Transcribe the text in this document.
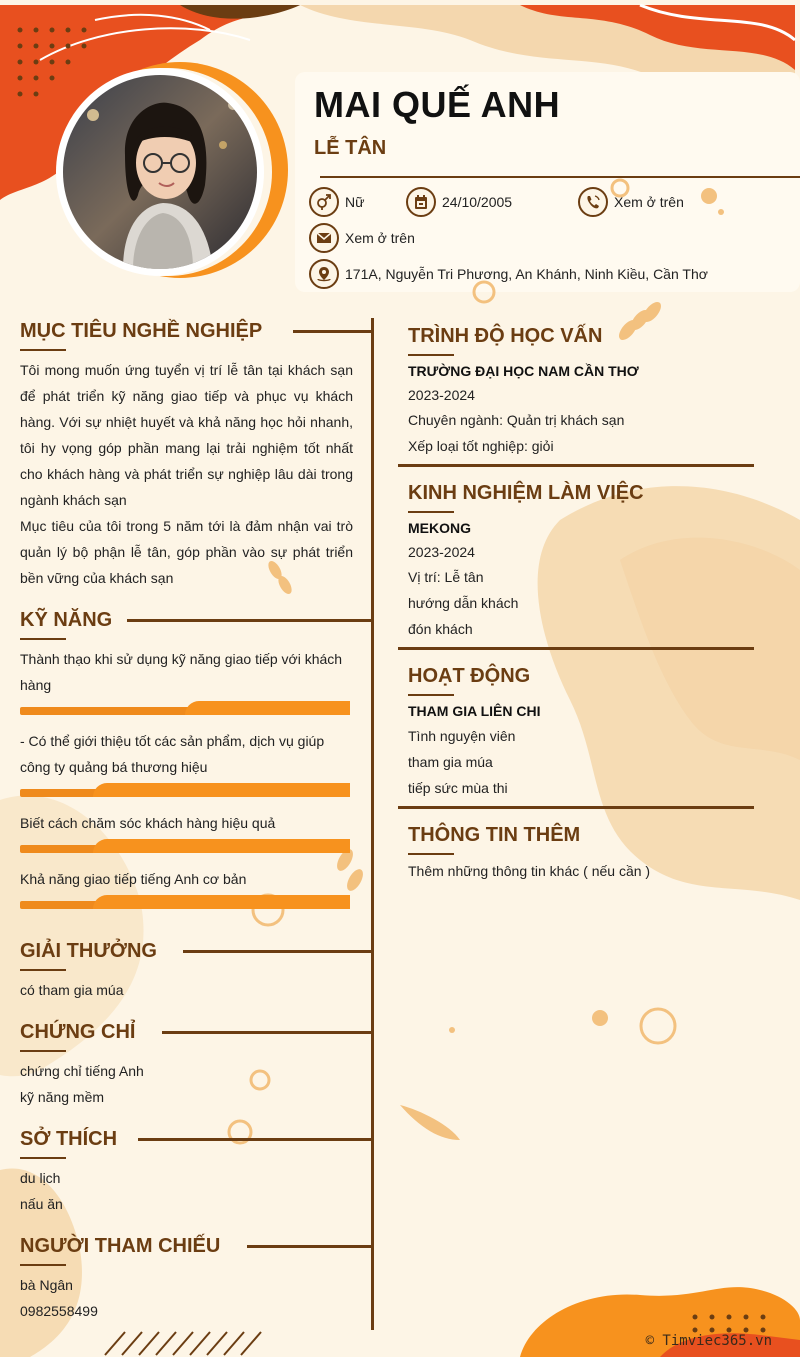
MAI QUẾ ANH
LỄ TÂN
Nữ	24/10/2005	Xem ở trên
Xem ở trên
171A, Nguyễn Tri Phương, An Khánh, Ninh Kiều, Cần Thơ
MỤC TIÊU NGHỀ NGHIỆP
Tôi mong muốn ứng tuyển vị trí lễ tân tại khách sạn để phát triển kỹ năng giao tiếp và phục vụ khách hàng. Với sự nhiệt huyết và khả năng học hỏi nhanh, tôi hy vọng góp phần mang lại trải nghiệm tốt nhất cho khách hàng và phát triển sự nghiệp lâu dài trong ngành khách sạn
Mục tiêu của tôi trong 5 năm tới là đảm nhận vai trò quản lý bộ phận lễ tân, góp phần vào sự phát triển bền vững của khách sạn
KỸ NĂNG
Thành thạo khi sử dụng kỹ năng giao tiếp với khách hàng
- Có thể giới thiệu tốt các sản phẩm, dịch vụ giúp công ty quảng bá thương hiệu
Biết cách chăm sóc khách hàng hiệu quả
Khả năng giao tiếp tiếng Anh cơ bản
GIẢI THƯỞNG
có tham gia múa
CHỨNG CHỈ
chứng chỉ tiếng Anh
kỹ năng mềm
SỞ THÍCH
du lịch
nấu ăn
NGƯỜI THAM CHIẾU
bà Ngân
0982558499
TRÌNH ĐỘ HỌC VẤN
TRƯỜNG ĐẠI HỌC NAM CẦN THƠ
2023-2024
Chuyên ngành: Quản trị khách sạn
Xếp loại tốt nghiệp: giỏi
KINH NGHIỆM LÀM VIỆC
MEKONG
2023-2024
Vị trí: Lễ tân
hướng dẫn khách
đón khách
HOẠT ĐỘNG
THAM GIA LIÊN CHI
Tình nguyện viên
tham gia múa
tiếp sức mùa thi
THÔNG TIN THÊM
Thêm những thông tin khác ( nếu cần )
© Timviec365.vn
